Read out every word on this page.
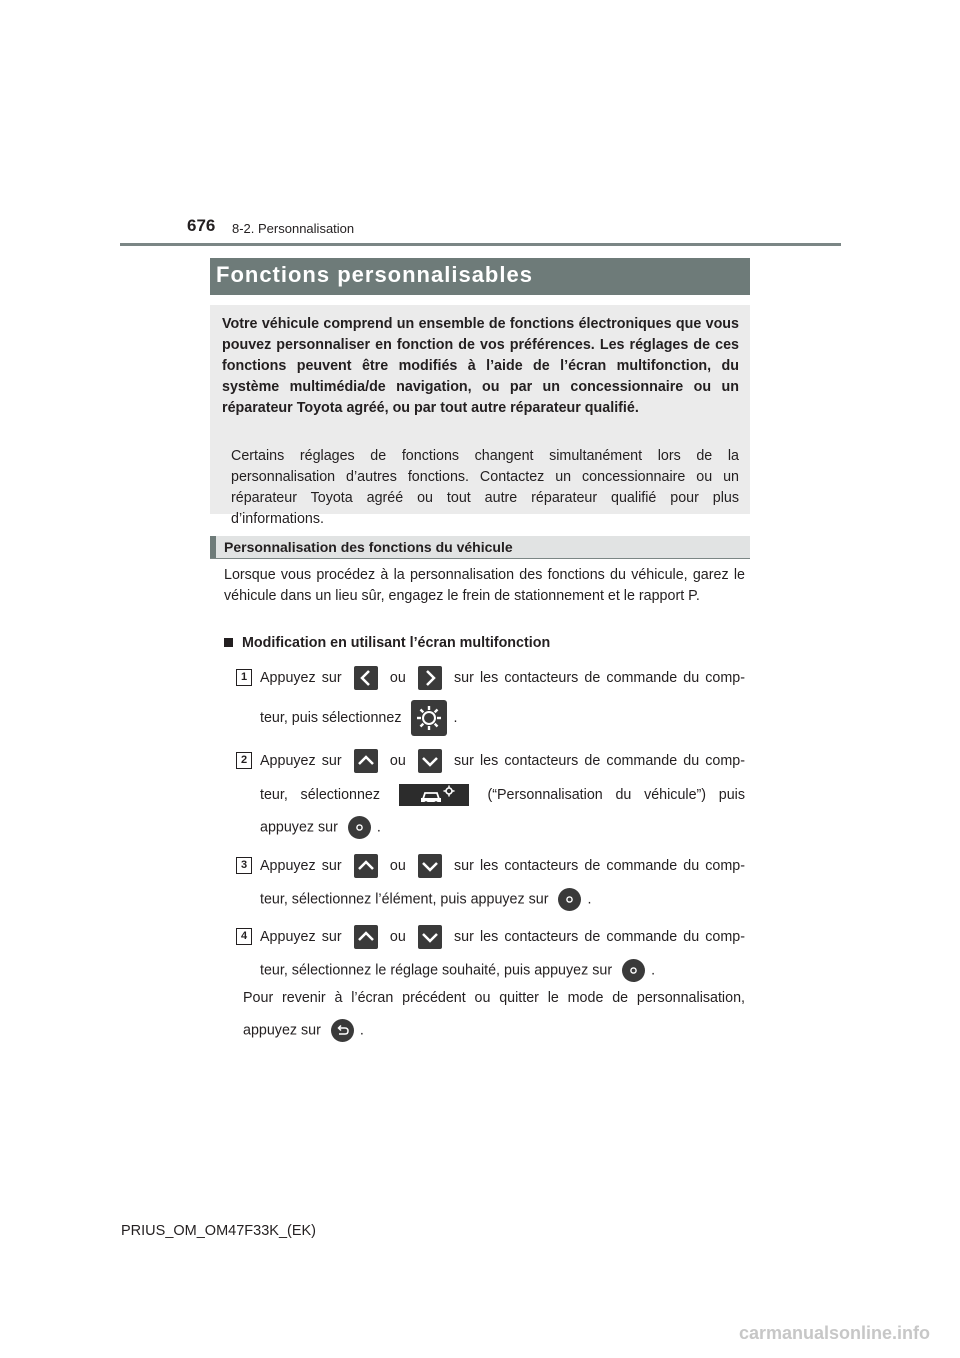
676 8-2. Personnalisation
Fonctions personnalisables
Votre véhicule comprend un ensemble de fonctions électroniques que vous pouvez personnaliser en fonction de vos préférences. Les réglages de ces fonctions peuvent être modifiés à l’aide de l’écran multifonction, du système multimédia/de navigation, ou par un concessionnaire ou un réparateur Toyota agréé, ou par tout autre réparateur qualifié.
Certains réglages de fonctions changent simultanément lors de la personnalisation d’autres fonctions. Contactez un concessionnaire ou un réparateur Toyota agréé ou tout autre réparateur qualifié pour plus d’informations.
Personnalisation des fonctions du véhicule
Lorsque vous procédez à la personnalisation des fonctions du véhicule, garez le véhicule dans un lieu sûr, engagez le frein de stationnement et le rapport P.
Modification en utilisant l’écran multifonction
1 Appuyez sur	ou	sur les contacteurs de commande du comp-
teur, puis sélectionnez	.
2 Appuyez sur	ou	sur les contacteurs de commande du comp-
teur, sélectionnez	(“Personnalisation du véhicule”) puis
appuyez sur	.
3 Appuyez sur	ou	sur les contacteurs de commande du comp-
teur, sélectionnez l’élément, puis appuyez sur	.
4 Appuyez sur	ou	sur les contacteurs de commande du comp-
teur, sélectionnez le réglage souhaité, puis appuyez sur	.
Pour revenir à l’écran précédent ou quitter le mode de personnalisation,
appuyez sur	.
PRIUS_OM_OM47F33K_(EK)
carmanualsonline.info
